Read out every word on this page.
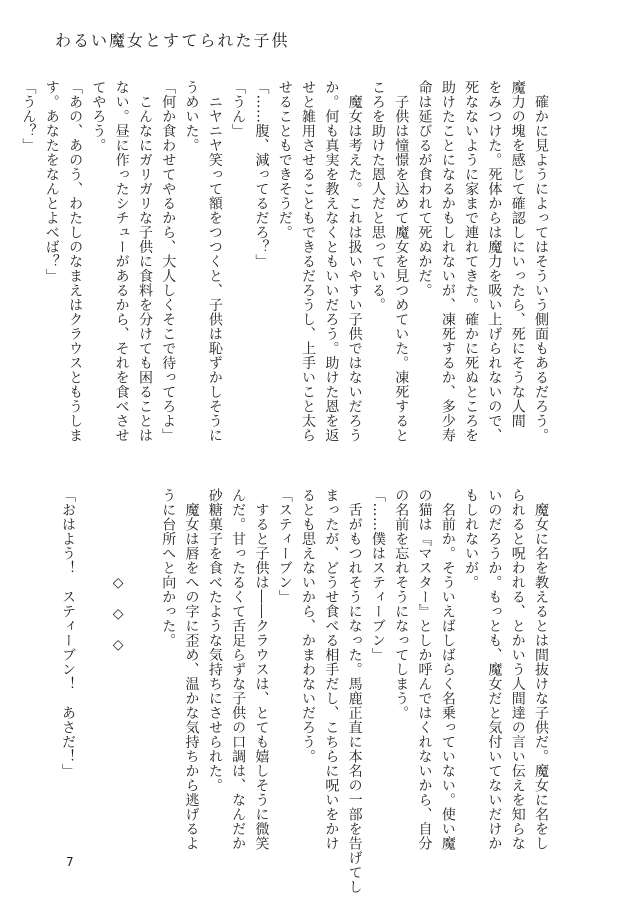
わるい魔女とすてられた子供
　確かに見ようによってはそういう側面もあるだろう。
魔力の塊を感じて確認しにいったら、死にそうな人間
をみつけた。死体からは魔力を吸い上げられないので、
死なないように家まで連れてきた。確かに死ぬところを
助けたことになるかもしれないが、凍死するか、多少寿
命は延びるが食われて死ぬかだ。
　子供は憧憬を込めて魔女を見つめていた。凍死すると
ころを助けた恩人だと思っている。
　魔女は考えた。これは扱いやすい子供ではないだろう
か。何も真実を教えなくともいいだろう。助けた恩を返
せと雑用させることもできるだろうし、上手いこと太ら
せることもできそうだ。
「……腹、減ってるだろ？」
「うん」
　ニヤニヤ笑って額をつつくと、子供は恥ずかしそうに
うめいた。
「何か食わせてやるから、大人しくそこで待ってろよ」
　こんなにガリガリな子供に食料を分けても困ることは
ない。昼に作ったシチューがあるから、それを食べさせ
てやろう。
「あの、あのう、わたしのなまえはクラウスともうしま
す。あなたをなんとよべば？」
「うん？」
　魔女に名を教えるとは間抜けな子供だ。魔女に名をし
られると呪われる、とかいう人間達の言い伝えを知らな
いのだろうか。もっとも、魔女だと気付いてないだけか
もしれないが。
　名前か。そういえばしばらく名乗っていない。使い魔
の猫は『マスター』としか呼んではくれないから、自分
の名前を忘れそうになってしまう。
「……僕はスティーブン」
　舌がもつれそうになった。馬鹿正直に本名の一部を告げてし
まったが、どうせ食べる相手だし、こちらに呪いをかけ
るとも思えないから、かまわないだろう。
「スティーブン」
　すると子供は――クラウスは、とても嬉しそうに微笑
んだ。甘ったるくて舌足らずな子供の口調は、なんだか
砂糖菓子を食べたような気持ちにさせられた。
　魔女は唇をへの字に歪め、温かな気持ちから逃げるよ
うに台所へと向かった。
　　　　　　◇　◇　◇
「おはよう！　スティーブン！　あさだ！」
7
